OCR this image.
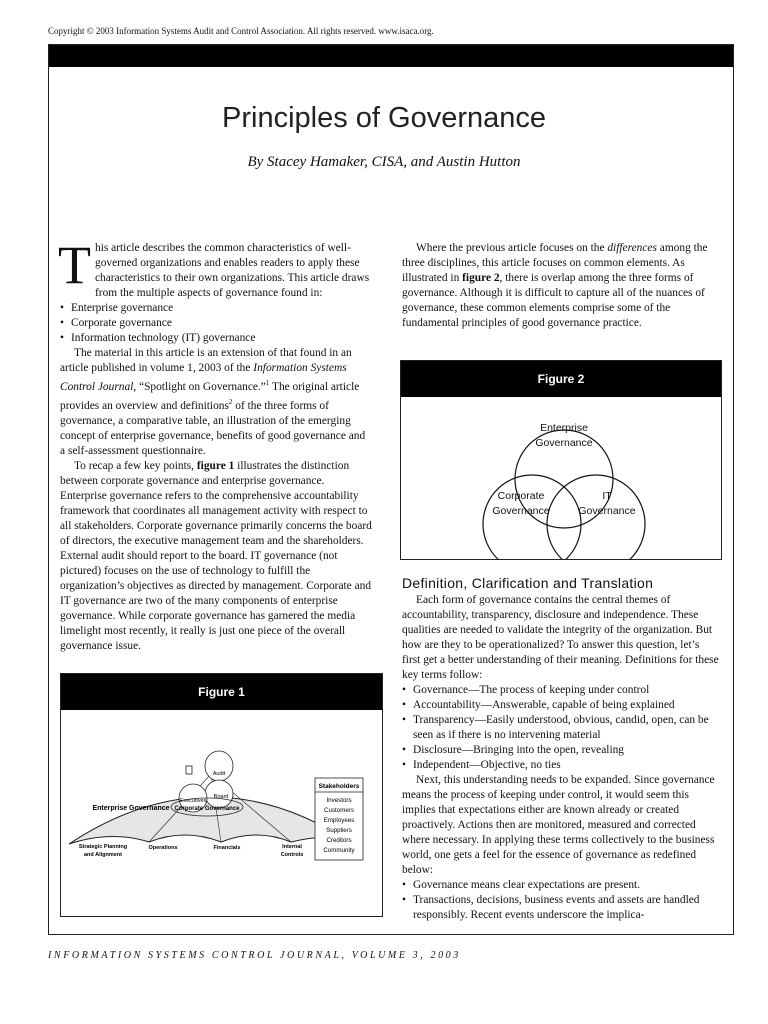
Copyright © 2003 Information Systems Audit and Control Association. All rights reserved. www.isaca.org.
Principles of Governance
By Stacey Hamaker, CISA, and Austin Hutton

This article describes the common characteristics of well-governed organizations and enables readers to apply these characteristics to their own organizations. This article draws from the multiple aspects of governance found in:

• Enterprise governance
• Corporate governance
• Information technology (IT) governance

The material in this article is an extension of that found in an article published in volume 1, 2003 of the Information Systems Control Journal, “Spotlight on Governance.”$^1$ The original article provides an overview and definitions$^2$ of the three forms of governance, a comparative table, an illustration of the emerging concept of enterprise governance, benefits of good governance and a self-assessment questionnaire.

To recap a few key points, figure 1 illustrates the distinction between corporate governance and enterprise governance. Enterprise governance refers to the comprehensive accountability framework that coordinates all management activity with respect to all stakeholders. Corporate governance primarily concerns the board of directors, the executive management team and the shareholders. External audit should report to the board. IT governance (not pictured) focuses on the use of technology to fulfill the organization’s objectives as directed by management. Corporate and IT governance are two of the many components of enterprise governance. While corporate governance has garnered the media limelight most recently, it really is just one piece of the overall governance issue.

Figure 1
Audit
Board
Executives
Corporate Governance
Enterprise Governance
Stakeholders
Investors
Customers
Employees
Suppliers
Creditors
Community
Strategic Planning
and Alignment
Operations	Financials	Internal
Controls

Where the previous article focuses on the differences among the three disciplines, this article focuses on common elements. As illustrated in figure 2, there is overlap among the three forms of governance. Although it is difficult to capture all of the nuances of governance, these common elements comprise some of the fundamental principles of good governance practice.

Figure 2
Enterprise
Governance
Corporate
Governance
IT
Governance
Definition, Clarification and Translation

Each form of governance contains the central themes of accountability, transparency, disclosure and independence. These qualities are needed to validate the integrity of the organization. But how are they to be operationalized? To answer this question, let’s first get a better understanding of their meaning. Definitions for these key terms follow:

• Governance—The process of keeping under control
• Accountability—Answerable, capable of being explained
• Transparency—Easily understood, obvious, candid, open, can be seen as if there is no intervening material
• Disclosure—Bringing into the open, revealing
• Independent—Objective, no ties

Next, this understanding needs to be expanded. Since governance means the process of keeping under control, it would seem this implies that expectations either are known already or created proactively. Actions then are monitored, measured and corrected where necessary. In applying these terms collectively to the business world, one gets a feel for the essence of governance as redefined below:

• Governance means clear expectations are present.
• Transactions, decisions, business events and assets are handled responsibly. Recent events underscore the implica-
INFORMATION SYSTEMS CONTROL JOURNAL, VOLUME 3, 2003
